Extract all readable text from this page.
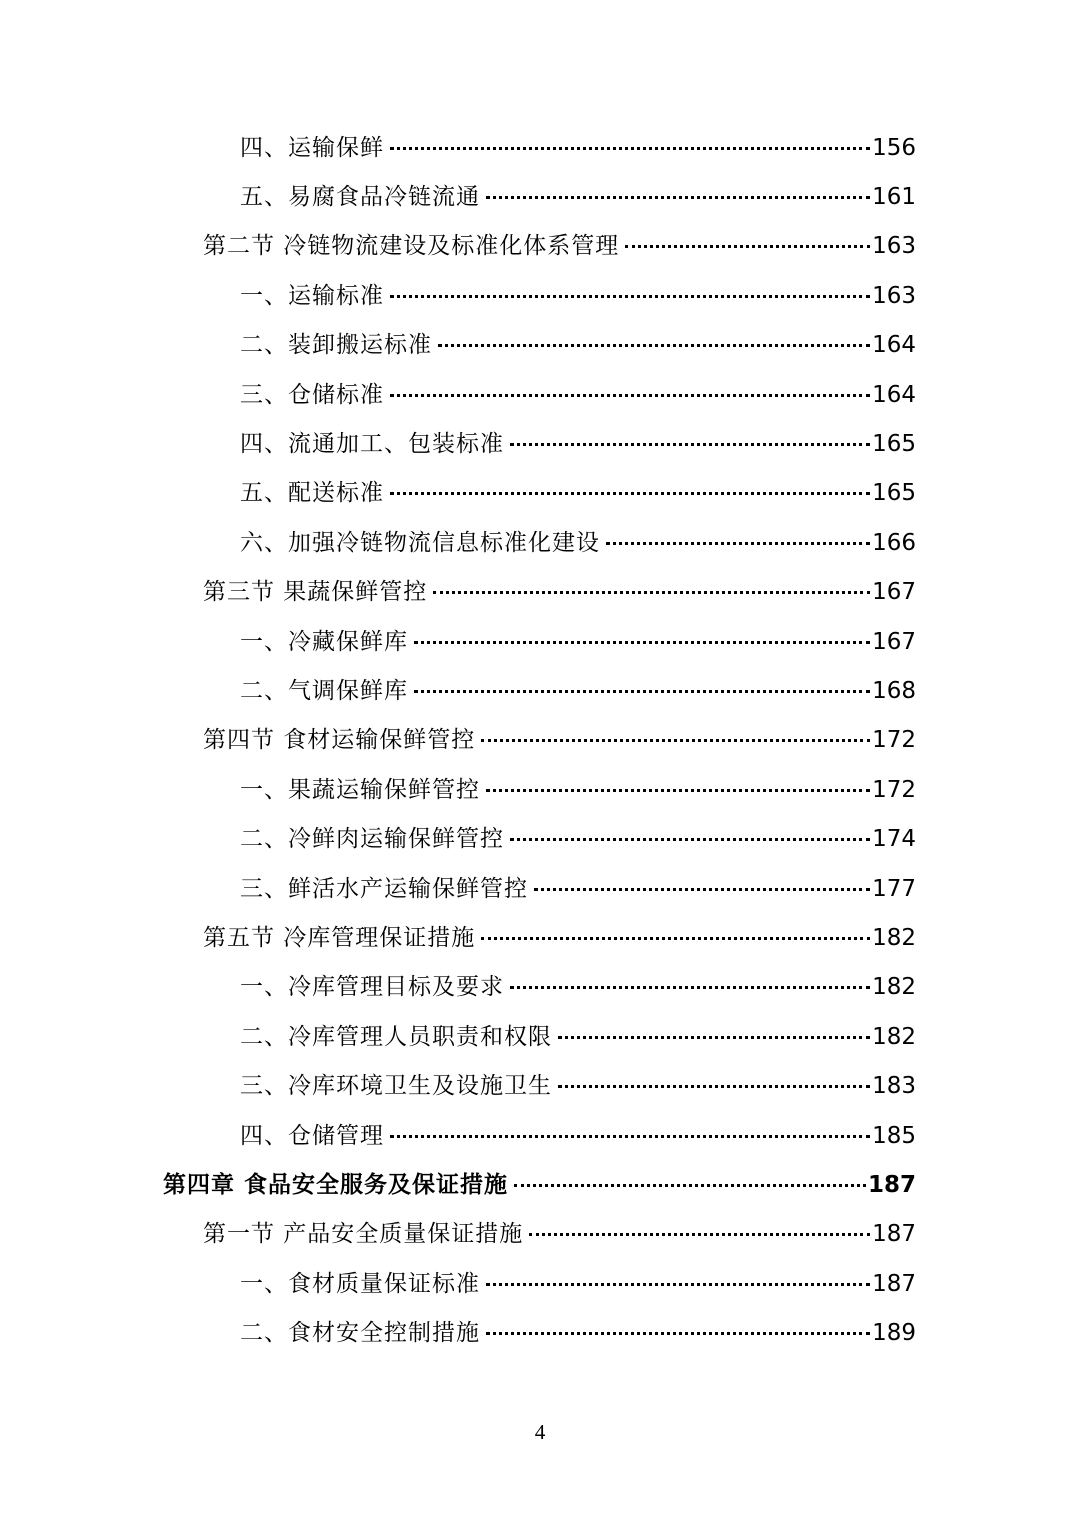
四、运输保鲜	156
五、易腐食品冷链流通	161
第二节 冷链物流建设及标准化体系管理	163
一、运输标准	163
二、装卸搬运标准	164
三、仓储标准	164
四、流通加工、包装标准	165
五、配送标准	165
六、加强冷链物流信息标准化建设	166
第三节 果蔬保鲜管控	167
一、冷藏保鲜库	167
二、气调保鲜库	168
第四节 食材运输保鲜管控	172
一、果蔬运输保鲜管控	172
二、冷鲜肉运输保鲜管控	174
三、鲜活水产运输保鲜管控	177
第五节 冷库管理保证措施	182
一、冷库管理目标及要求	182
二、冷库管理人员职责和权限	182
三、冷库环境卫生及设施卫生	183
四、仓储管理	185
第四章 食品安全服务及保证措施	187
第一节 产品安全质量保证措施	187
一、食材质量保证标准	187
二、食材安全控制措施	189
4
